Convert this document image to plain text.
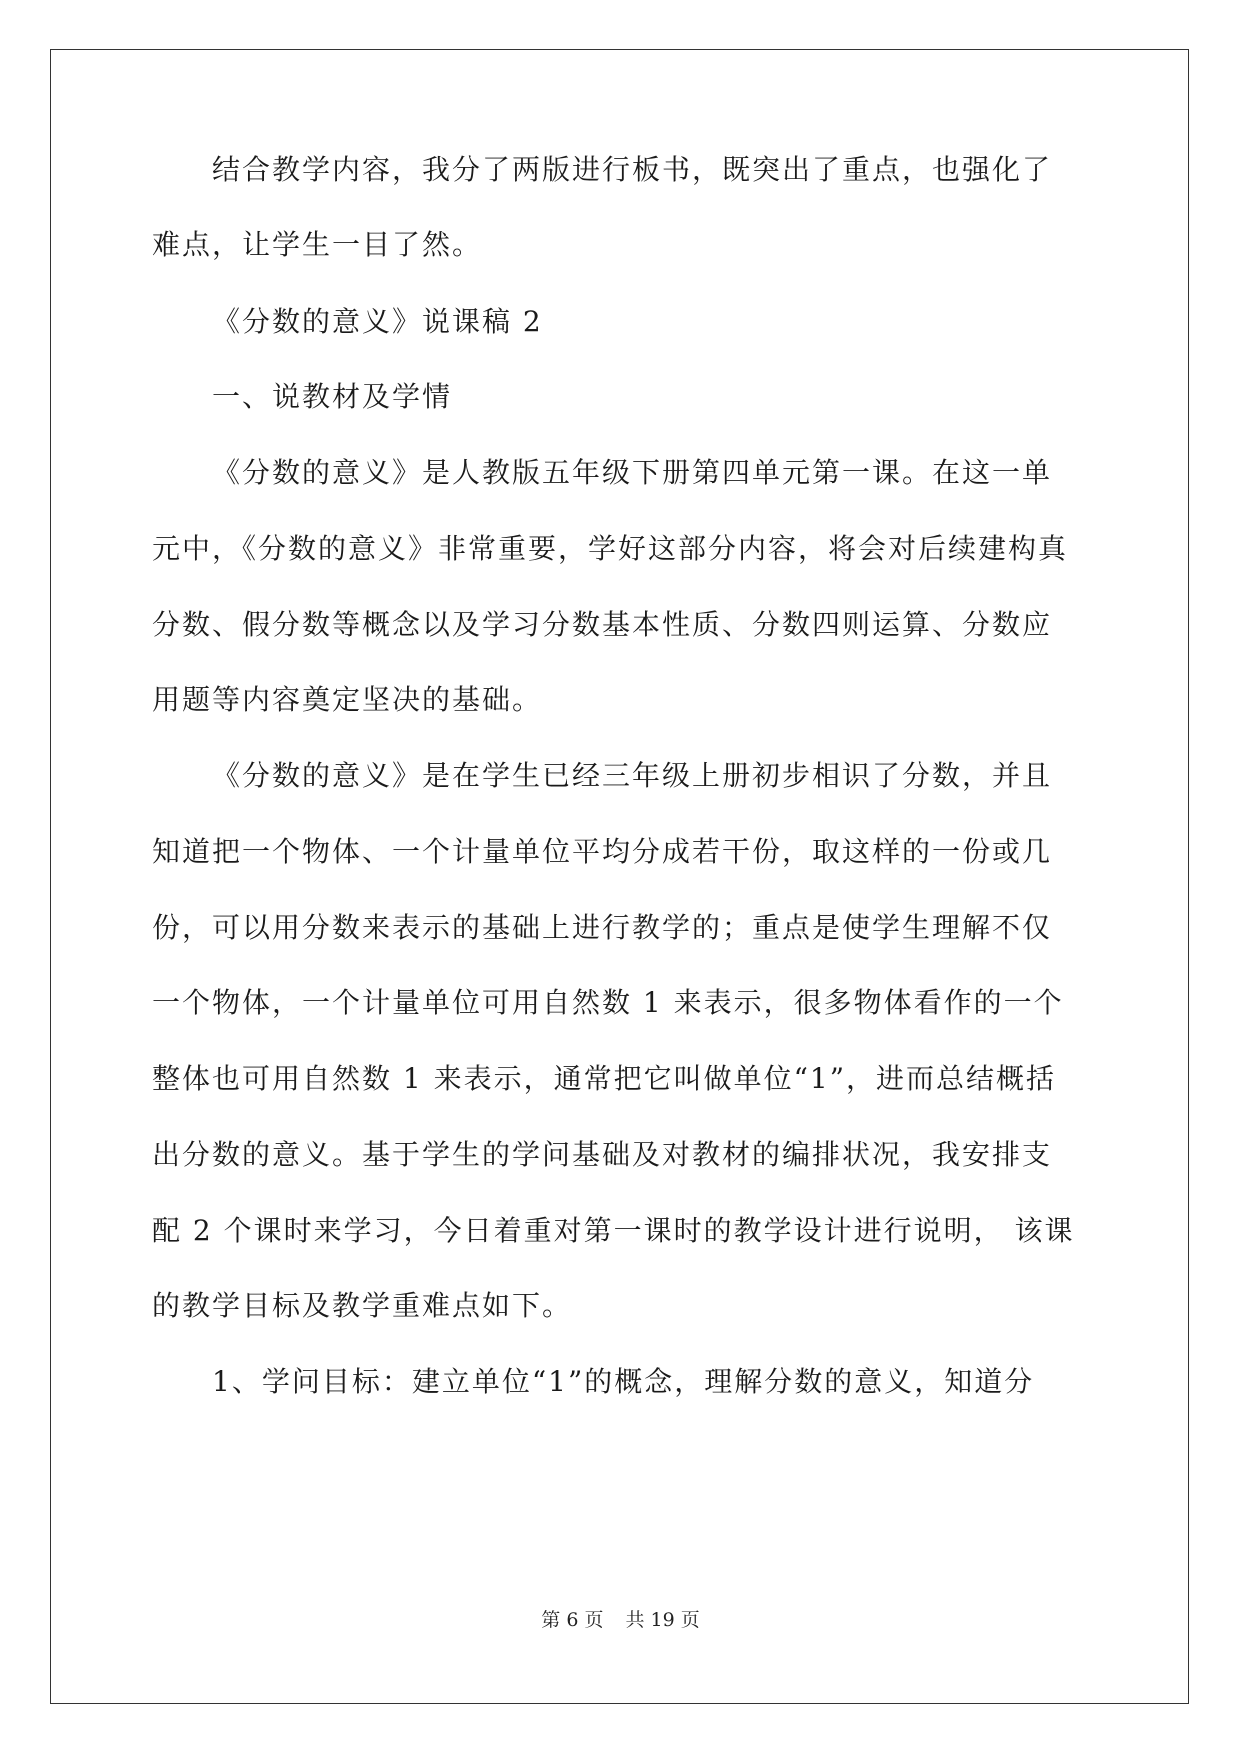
结合教学内容，我分了两版进行板书，既突出了重点，也强化了
难点，让学生一目了然。
《分数的意义》说课稿 2
一、说教材及学情
《分数的意义》是人教版五年级下册第四单元第一课。在这一单
元中，《分数的意义》非常重要，学好这部分内容，将会对后续建构真
分数、假分数等概念以及学习分数基本性质、分数四则运算、分数应
用题等内容奠定坚决的基础。
《分数的意义》是在学生已经三年级上册初步相识了分数，并且
知道把一个物体、一个计量单位平均分成若干份，取这样的一份或几
份，可以用分数来表示的基础上进行教学的；重点是使学生理解不仅
一个物体，一个计量单位可用自然数 1 来表示，很多物体看作的一个
整体也可用自然数 1 来表示，通常把它叫做单位“1”，进而总结概括
出分数的意义。基于学生的学问基础及对教材的编排状况，我安排支
配 2 个课时来学习，今日着重对第一课时的教学设计进行说明， 该课
的教学目标及教学重难点如下。
1、学问目标：建立单位“1”的概念，理解分数的意义，知道分
第 6 页 共 19 页
